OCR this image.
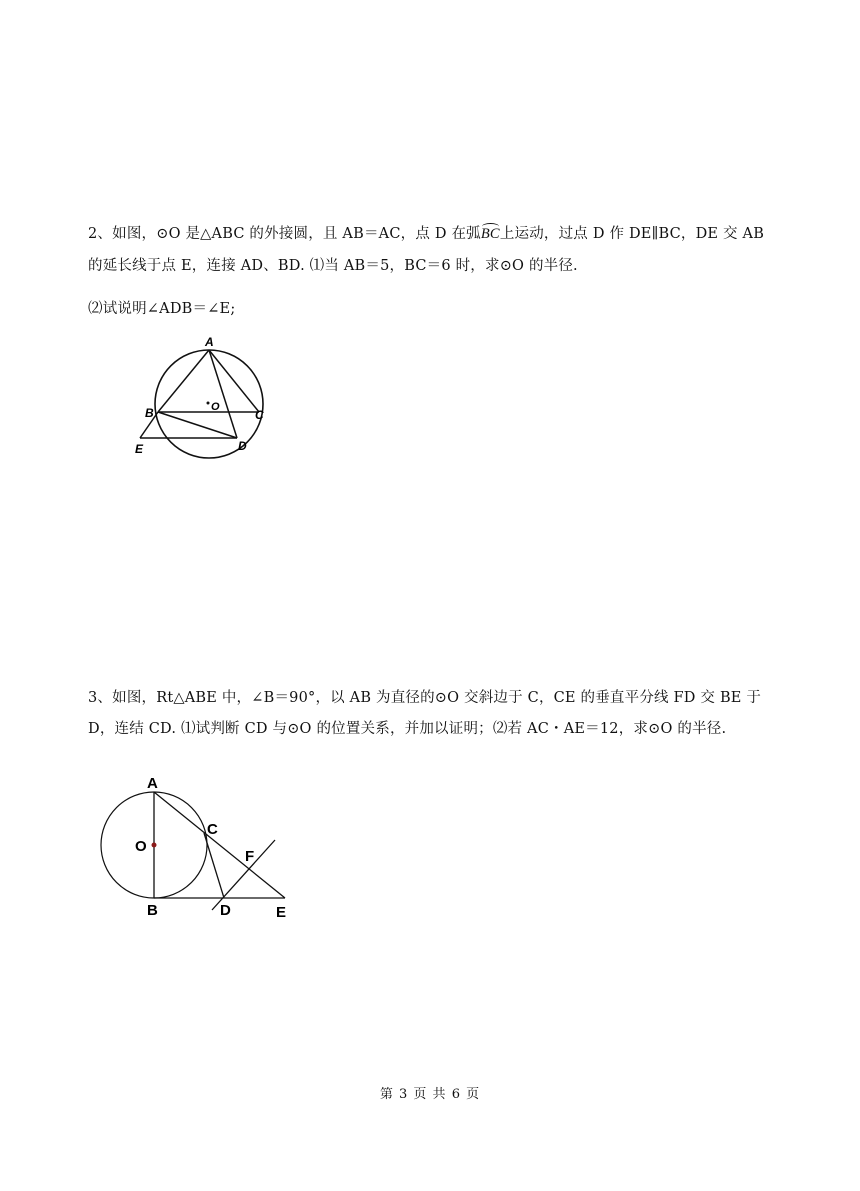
2、如图，⊙O 是△ABC 的外接圆，且 AB＝AC，点 D 在弧BC上运动，过点 D 作 DE∥BC，DE 交 AB
的延长线于点 E，连接 AD、BD. ⑴当 AB＝5，BC＝6 时，求⊙O 的半径.
⑵试说明∠ADB＝∠E;
A
B	C
D
E
O
3、如图，Rt△ABE 中，∠B＝90°，以 AB 为直径的⊙O 交斜边于 C，CE 的垂直平分线 FD 交 BE 于
D，连结 CD. ⑴试判断 CD 与⊙O 的位置关系，并加以证明；⑵若 AC・AE＝12，求⊙O 的半径.
A
O
C
F
B	D	E
第 3 页 共 6 页
